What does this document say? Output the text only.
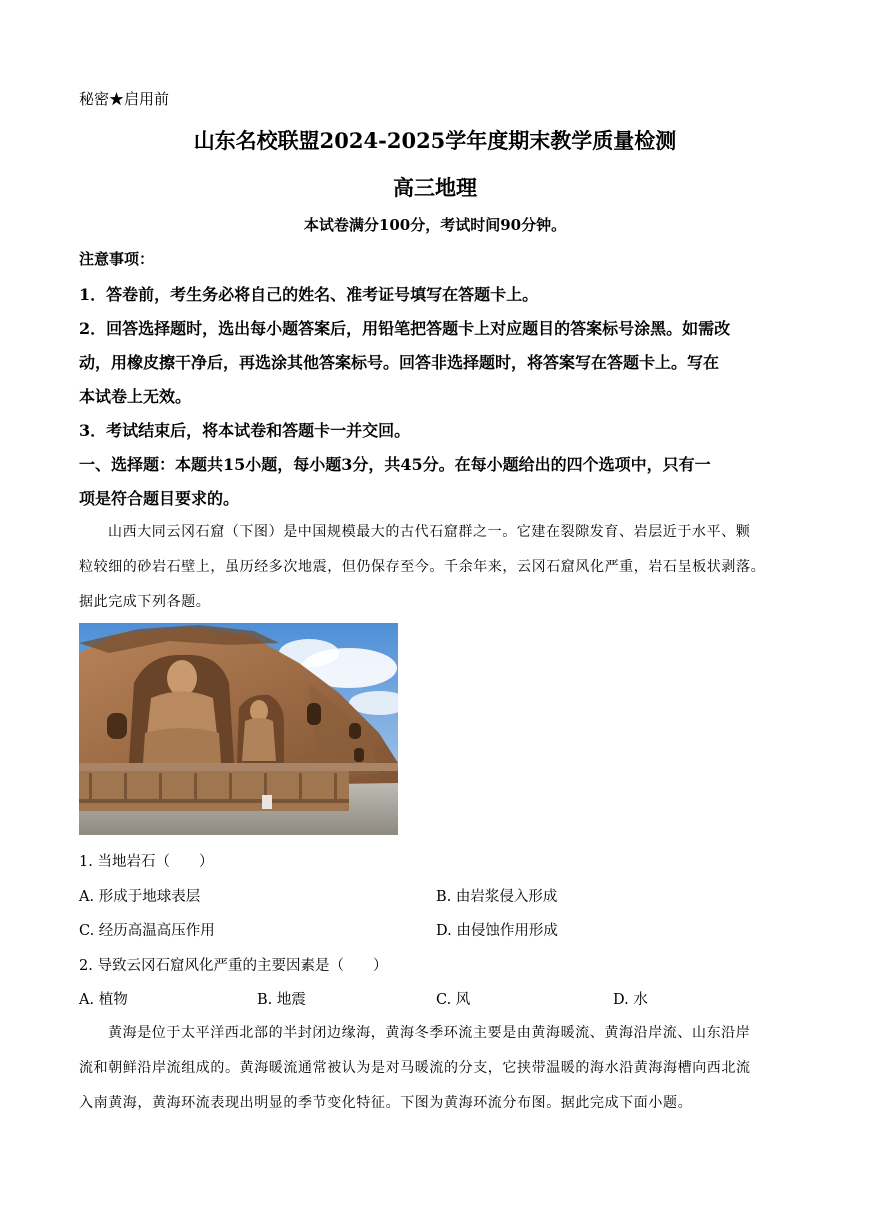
秘密★启用前
山东名校联盟2024-2025学年度期末教学质量检测
高三地理
本试卷满分100分，考试时间90分钟。
注意事项：
1．答卷前，考生务必将自己的姓名、准考证号填写在答题卡上。
2．回答选择题时，选出每小题答案后，用铅笔把答题卡上对应题目的答案标号涂黑。如需改
动，用橡皮擦干净后，再选涂其他答案标号。回答非选择题时，将答案写在答题卡上。写在
本试卷上无效。
3．考试结束后，将本试卷和答题卡一并交回。
一、选择题：本题共15小题，每小题3分，共45分。在每小题给出的四个选项中，只有一
项是符合题目要求的。
山西大同云冈石窟（下图）是中国规模最大的古代石窟群之一。它建在裂隙发育、岩层近于水平、颗
粒较细的砂岩石壁上，虽历经多次地震，但仍保存至今。千余年来，云冈石窟风化严重，岩石呈板状剥落。
据此完成下列各题。
1. 当地岩石（　　）
A. 形成于地球表层	B. 由岩浆侵入形成
C. 经历高温高压作用	D. 由侵蚀作用形成
2. 导致云冈石窟风化严重的主要因素是（　　）
A. 植物	B. 地震	C. 风	D. 水
黄海是位于太平洋西北部的半封闭边缘海，黄海冬季环流主要是由黄海暖流、黄海沿岸流、山东沿岸
流和朝鲜沿岸流组成的。黄海暖流通常被认为是对马暖流的分支，它挟带温暖的海水沿黄海海槽向西北流
入南黄海，黄海环流表现出明显的季节变化特征。下图为黄海环流分布图。据此完成下面小题。
